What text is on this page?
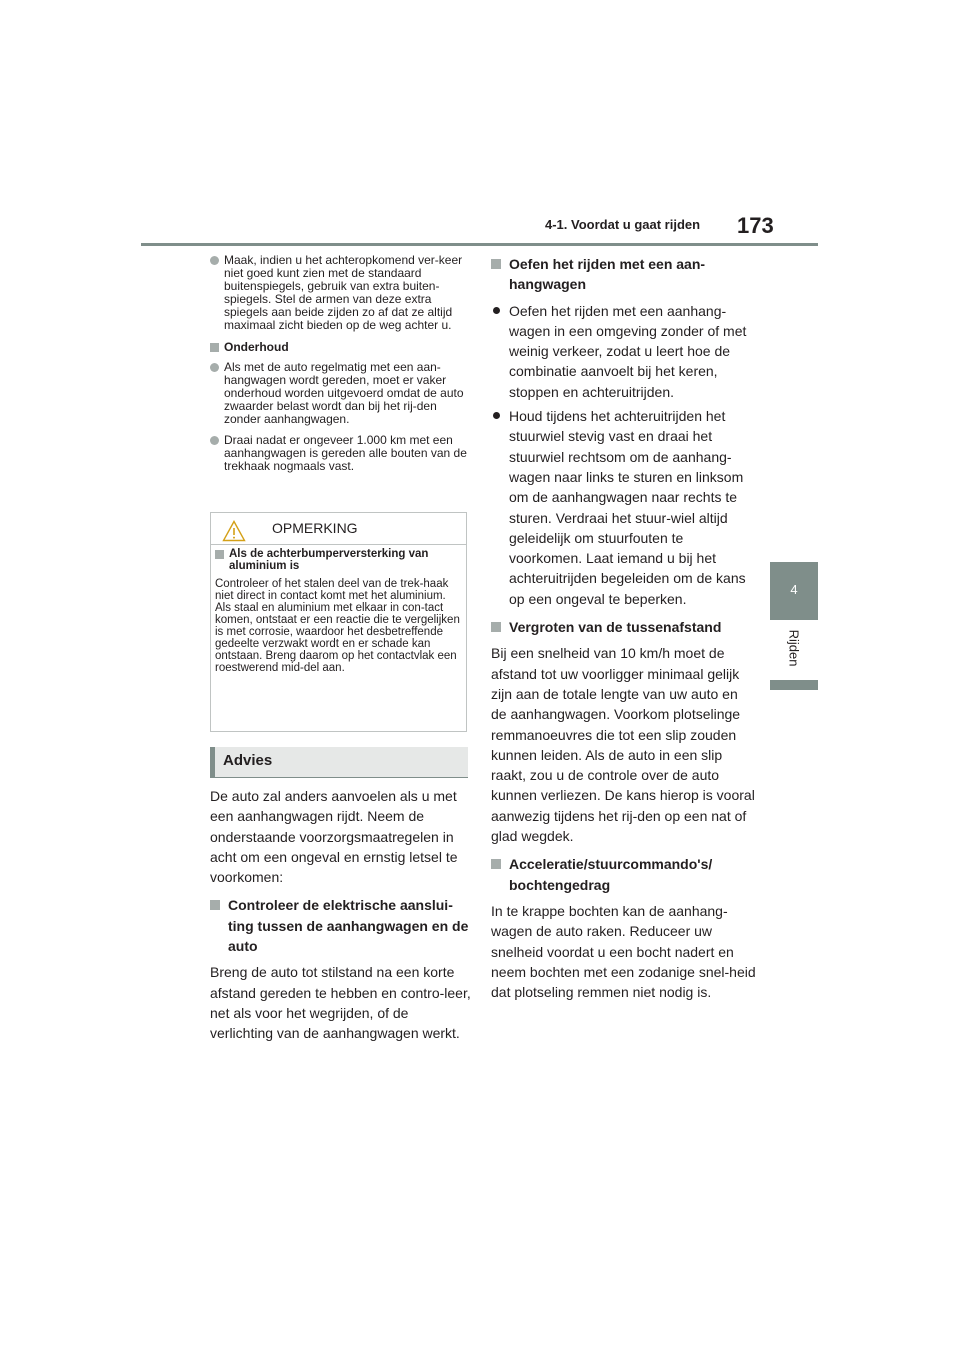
4-1. Voordat u gaat rijden 173
4
Rijden
Maak, indien u het achteropkomend ver-keer niet goed kunt zien met de standaard buitenspiegels, gebruik van extra buiten-spiegels. Stel de armen van deze extra spiegels aan beide zijden zo af dat ze altijd maximaal zicht bieden op de weg achter u.
Onderhoud
Als met de auto regelmatig met een aan-hangwagen wordt gereden, moet er vaker onderhoud worden uitgevoerd omdat de auto zwaarder belast wordt dan bij het rij-den zonder aanhangwagen.
Draai nadat er ongeveer 1.000 km met een aanhangwagen is gereden alle bouten van de trekhaak nogmaals vast.
OPMERKING
Als de achterbumperversterking van aluminium is
Controleer of het stalen deel van de trek-haak niet direct in contact komt met het aluminium.
Als staal en aluminium met elkaar in con-tact komen, ontstaat er een reactie die te vergelijken is met corrosie, waardoor het desbetreffende gedeelte verzwakt wordt en er schade kan ontstaan. Breng daarom op het contactvlak een roestwerend mid-del aan.
Advies
De auto zal anders aanvoelen als u met een aanhangwagen rijdt. Neem de onderstaande voorzorgsmaatregelen in acht om een ongeval en ernstig letsel te voorkomen:
Controleer de elektrische aanslui-ting tussen de aanhangwagen en de auto
Breng de auto tot stilstand na een korte afstand gereden te hebben en contro-leer, net als voor het wegrijden, of de verlichting van de aanhangwagen werkt.
Oefen het rijden met een aan-hangwagen
Oefen het rijden met een aanhang-wagen in een omgeving zonder of met weinig verkeer, zodat u leert hoe de combinatie aanvoelt bij het keren, stoppen en achteruitrijden.
Houd tijdens het achteruitrijden het stuurwiel stevig vast en draai het stuurwiel rechtsom om de aanhang-wagen naar links te sturen en linksom om de aanhangwagen naar rechts te sturen. Verdraai het stuur-wiel altijd geleidelijk om stuurfouten te voorkomen. Laat iemand u bij het achteruitrijden begeleiden om de kans op een ongeval te beperken.
Vergroten van de tussenafstand
Bij een snelheid van 10 km/h moet de afstand tot uw voorligger minimaal gelijk zijn aan de totale lengte van uw auto en de aanhangwagen. Voorkom plotselinge remmanoeuvres die tot een slip zouden kunnen leiden. Als de auto in een slip raakt, zou u de controle over de auto kunnen verliezen. De kans hierop is vooral aanwezig tijdens het rij-den op een nat of glad wegdek.
Acceleratie/stuurcommando's/ bochtengedrag
In te krappe bochten kan de aanhang-wagen de auto raken. Reduceer uw snelheid voordat u een bocht nadert en neem bochten met een zodanige snel-heid dat plotseling remmen niet nodig is.
